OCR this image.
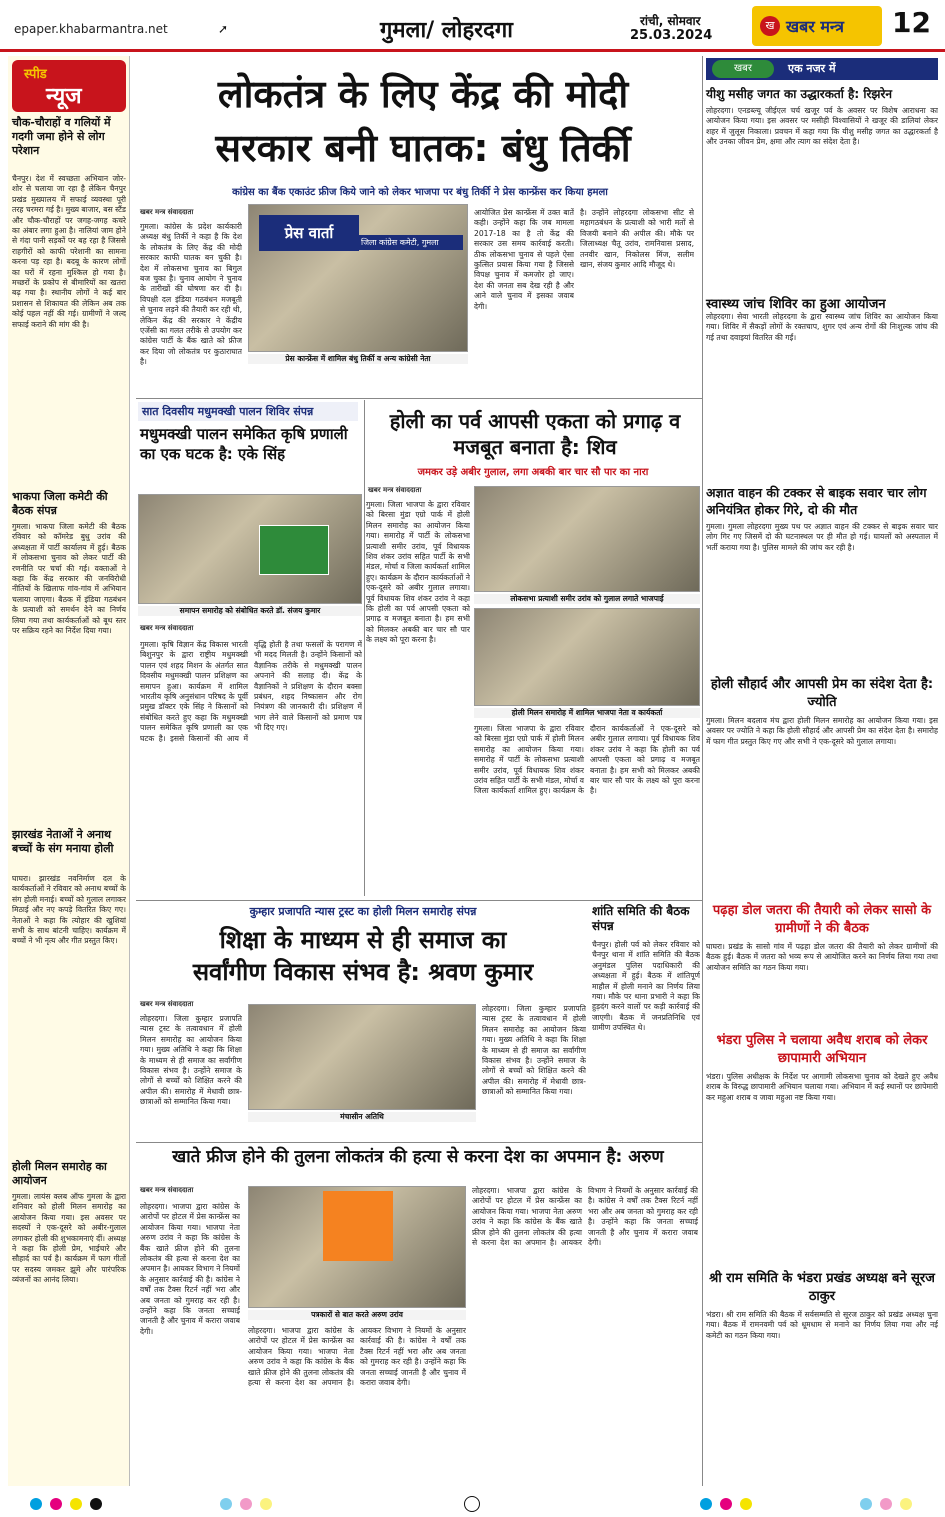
epaper.khabarmantra.net	➚	गुमला/ लोहरदगा	रांची, सोमवार
25.03.2024
ख खबर मन्त्र 12
स्पीड
न्यूज
चौक-चौराहों व गलियों में गदगी जमा होने से लोग परेशान
चैनपुर। देश में स्वच्छता अभियान जोर-शोर से चलाया जा रहा है लेकिन चैनपुर प्रखंड मुख्यालय में सफाई व्यवस्था पूरी तरह चरमरा गई है। मुख्य बाजार, बस स्टैंड और चौक-चौराहों पर जगह-जगह कचरे का अंबार लगा हुआ है। नालियां जाम होने से गंदा पानी सड़कों पर बह रहा है जिससे राहगीरों को काफी परेशानी का सामना करना पड़ रहा है। बदबू के कारण लोगों का घरों में रहना मुश्किल हो गया है। मच्छरों के प्रकोप से बीमारियों का खतरा बढ़ गया है। स्थानीय लोगों ने कई बार प्रशासन से शिकायत की लेकिन अब तक कोई पहल नहीं की गई। ग्रामीणों ने जल्द सफाई कराने की मांग की है।
भाकपा जिला कमेटी की बैठक संपन्न
गुमला। भाकपा जिला कमेटी की बैठक रविवार को कॉमरेड बुधु उरांव की अध्यक्षता में पार्टी कार्यालय में हुई। बैठक में लोकसभा चुनाव को लेकर पार्टी की रणनीति पर चर्चा की गई। वक्ताओं ने कहा कि केंद्र सरकार की जनविरोधी नीतियों के खिलाफ गांव-गांव में अभियान चलाया जाएगा। बैठक में इंडिया गठबंधन के प्रत्याशी को समर्थन देने का निर्णय लिया गया तथा कार्यकर्ताओं को बूथ स्तर पर सक्रिय रहने का निर्देश दिया गया।
झारखंड नेताओं ने अनाथ बच्चों के संग मनाया होली
घाघरा। झारखंड नवनिर्माण दल के कार्यकर्ताओं ने रविवार को अनाथ बच्चों के संग होली मनाई। बच्चों को गुलाल लगाकर मिठाई और नए कपड़े वितरित किए गए। नेताओं ने कहा कि त्योहार की खुशियां सभी के साथ बांटनी चाहिए। कार्यक्रम में बच्चों ने भी नृत्य और गीत प्रस्तुत किए।
होली मिलन समारोह का आयोजन
गुमला। लायंस क्लब ऑफ गुमला के द्वारा शनिवार को होली मिलन समारोह का आयोजन किया गया। इस अवसर पर सदस्यों ने एक-दूसरे को अबीर-गुलाल लगाकर होली की शुभकामनाएं दीं। अध्यक्ष ने कहा कि होली प्रेम, भाईचारे और सौहार्द का पर्व है। कार्यक्रम में फाग गीतों पर सदस्य जमकर झूमे और पारंपरिक व्यंजनों का आनंद लिया।
लोकतंत्र के लिए केंद्र की मोदी
सरकार बनी घातक: बंधु तिर्की
कांग्रेस का बैंक एकाउंट फ्रीज किये जाने को लेकर भाजपा पर बंधु तिर्की ने प्रेस कान्फ्रेंस कर किया हमला
खबर मन्त्र संवाददाता
गुमला। कांग्रेस के प्रदेश कार्यकारी अध्यक्ष बंधु तिर्की ने कहा है कि देश के लोकतंत्र के लिए केंद्र की मोदी सरकार काफी घातक बन चुकी है। देश में लोकसभा चुनाव का बिगुल बज चुका है। चुनाव आयोग ने चुनाव के तारीखों की घोषणा कर दी है। विपक्षी दल इंडिया गठबंधन मजबूती से चुनाव लड़ने की तैयारी कर रही थी, लेकिन केंद्र की सरकार ने केंद्रीय एजेंसी का गलत तरीके से उपयोग कर कांग्रेस पार्टी के बैंक खाते को फ्रीज कर दिया जो लोकतंत्र पर कुठाराघात है।
प्रेस वार्ता
जिला कांग्रेस कमेटी, गुमला
प्रेस कान्फ्रेंस में शामिल बंधु तिर्की व अन्य कांग्रेसी नेता
आयोजित प्रेस कान्फ्रेंस में उक्त बातें कही। उन्होंने कहा कि जब मामला 2017-18 का है तो केंद्र की सरकार उस समय कार्रवाई करती। ठीक लोकसभा चुनाव से पहले ऐसा कुत्सित प्रयास किया गया है जिससे विपक्ष चुनाव में कमजोर हो जाए। देश की जनता सब देख रही है और आने वाले चुनाव में इसका जवाब देगी।
है। उन्होंने लोहरदगा लोकसभा सीट से महागठबंधन के प्रत्याशी को भारी मतों से विजयी बनाने की अपील की। मौके पर जिलाध्यक्ष चैतू उरांव, रामनिवास प्रसाद, तनवीर खान, निकोलस मिंज, सलीम खान, संजय कुमार आदि मौजूद थे।
सात दिवसीय मधुमक्खी पालन शिविर संपन्न
मधुमक्खी पालन समेकित कृषि प्रणाली का एक घटक है: एके सिंह
समापन समारोह को संबोधित करते डॉ. संजय कुमार
खबर मन्त्र संवाददाता
गुमला। कृषि विज्ञान केंद्र विकास भारती बिशुनपुर के द्वारा राष्ट्रीय मधुमक्खी पालन एवं शहद मिशन के अंतर्गत सात दिवसीय मधुमक्खी पालन प्रशिक्षण का समापन हुआ। कार्यक्रम में शामिल भारतीय कृषि अनुसंधान परिषद के पूर्वी प्रमुख डॉक्टर एके सिंह ने किसानों को संबोधित करते हुए कहा कि मधुमक्खी पालन समेकित कृषि प्रणाली का एक घटक है। इससे किसानों की आय में वृद्धि होती है तथा फसलों के परागण में भी मदद मिलती है। उन्होंने किसानों को वैज्ञानिक तरीके से मधुमक्खी पालन अपनाने की सलाह दी। केंद्र के वैज्ञानिकों ने प्रशिक्षण के दौरान बक्सा प्रबंधन, शहद निष्कासन और रोग नियंत्रण की जानकारी दी। प्रशिक्षण में भाग लेने वाले किसानों को प्रमाण पत्र भी दिए गए।
होली का पर्व आपसी एकता को प्रगाढ़ व मजबूत बनाता है: शिव
जमकर उड़े अबीर गुलाल, लगा अबकी बार चार सौ पार का नारा
खबर मन्त्र संवाददाता
गुमला। जिला भाजपा के द्वारा रविवार को बिरसा मुंडा एग्रो पार्क में होली मिलन समारोह का आयोजन किया गया। समारोह में पार्टी के लोकसभा प्रत्याशी समीर उरांव, पूर्व विधायक शिव शंकर उरांव सहित पार्टी के सभी मंडल, मोर्चा व जिला कार्यकर्ता शामिल हुए। कार्यक्रम के दौरान कार्यकर्ताओं ने एक-दूसरे को अबीर गुलाल लगाया। पूर्व विधायक शिव शंकर उरांव ने कहा कि होली का पर्व आपसी एकता को प्रगाढ़ व मजबूत बनाता है। हम सभी को मिलकर अबकी बार चार सौ पार के लक्ष्य को पूरा करना है।
लोकसभा प्रत्याशी समीर उरांव को गुलाल लगाते भाजपाई
होली मिलन समारोह में शामिल भाजपा नेता व कार्यकर्ता
गुमला। जिला भाजपा के द्वारा रविवार को बिरसा मुंडा एग्रो पार्क में होली मिलन समारोह का आयोजन किया गया। समारोह में पार्टी के लोकसभा प्रत्याशी समीर उरांव, पूर्व विधायक शिव शंकर उरांव सहित पार्टी के सभी मंडल, मोर्चा व जिला कार्यकर्ता शामिल हुए। कार्यक्रम के दौरान कार्यकर्ताओं ने एक-दूसरे को अबीर गुलाल लगाया। पूर्व विधायक शिव शंकर उरांव ने कहा कि होली का पर्व आपसी एकता को प्रगाढ़ व मजबूत बनाता है। हम सभी को मिलकर अबकी बार चार सौ पार के लक्ष्य को पूरा करना है।
शांति समिति की बैठक संपन्न
चैनपुर। होली पर्व को लेकर रविवार को चैनपुर थाना में शांति समिति की बैठक अनुमंडल पुलिस पदाधिकारी की अध्यक्षता में हुई। बैठक में शांतिपूर्ण माहौल में होली मनाने का निर्णय लिया गया। मौके पर थाना प्रभारी ने कहा कि हुड़दंग करने वालों पर कड़ी कार्रवाई की जाएगी। बैठक में जनप्रतिनिधि एवं ग्रामीण उपस्थित थे।
कुम्हार प्रजापति न्यास ट्रस्ट का होली मिलन समारोह संपन्न
शिक्षा के माध्यम से ही समाज का
सर्वांगीण विकास संभव है: श्रवण कुमार
खबर मन्त्र संवाददाता
लोहरदगा। जिला कुम्हार प्रजापति न्यास ट्रस्ट के तत्वावधान में होली मिलन समारोह का आयोजन किया गया। मुख्य अतिथि ने कहा कि शिक्षा के माध्यम से ही समाज का सर्वांगीण विकास संभव है। उन्होंने समाज के लोगों से बच्चों को शिक्षित करने की अपील की। समारोह में मेधावी छात्र-छात्राओं को सम्मानित किया गया।
मंचासीन अतिथि
लोहरदगा। जिला कुम्हार प्रजापति न्यास ट्रस्ट के तत्वावधान में होली मिलन समारोह का आयोजन किया गया। मुख्य अतिथि ने कहा कि शिक्षा के माध्यम से ही समाज का सर्वांगीण विकास संभव है। उन्होंने समाज के लोगों से बच्चों को शिक्षित करने की अपील की। समारोह में मेधावी छात्र-छात्राओं को सम्मानित किया गया।
खाते फ्रीज होने की तुलना लोकतंत्र की हत्या से करना देश का अपमान है: अरुण
खबर मन्त्र संवाददाता
लोहरदगा। भाजपा द्वारा कांग्रेस के आरोपों पर होटल में प्रेस कान्फ्रेंस का आयोजन किया गया। भाजपा नेता अरुण उरांव ने कहा कि कांग्रेस के बैंक खाते फ्रीज होने की तुलना लोकतंत्र की हत्या से करना देश का अपमान है। आयकर विभाग ने नियमों के अनुसार कार्रवाई की है। कांग्रेस ने वर्षों तक टैक्स रिटर्न नहीं भरा और अब जनता को गुमराह कर रही है। उन्होंने कहा कि जनता सच्चाई जानती है और चुनाव में करारा जवाब देगी।
पत्रकारों से बात करते अरुण उरांव
लोहरदगा। भाजपा द्वारा कांग्रेस के आरोपों पर होटल में प्रेस कान्फ्रेंस का आयोजन किया गया। भाजपा नेता अरुण उरांव ने कहा कि कांग्रेस के बैंक खाते फ्रीज होने की तुलना लोकतंत्र की हत्या से करना देश का अपमान है। आयकर विभाग ने नियमों के अनुसार कार्रवाई की है। कांग्रेस ने वर्षों तक टैक्स रिटर्न नहीं भरा और अब जनता को गुमराह कर रही है। उन्होंने कहा कि जनता सच्चाई जानती है और चुनाव में करारा जवाब देगी।
लोहरदगा। भाजपा द्वारा कांग्रेस के आरोपों पर होटल में प्रेस कान्फ्रेंस का आयोजन किया गया। भाजपा नेता अरुण उरांव ने कहा कि कांग्रेस के बैंक खाते फ्रीज होने की तुलना लोकतंत्र की हत्या से करना देश का अपमान है। आयकर विभाग ने नियमों के अनुसार कार्रवाई की है। कांग्रेस ने वर्षों तक टैक्स रिटर्न नहीं भरा और अब जनता को गुमराह कर रही है। उन्होंने कहा कि जनता सच्चाई जानती है और चुनाव में करारा जवाब देगी।
खबर	एक नजर में
यीशु मसीह जगत का उद्धारकर्ता है: रिझरेन
लोहरदगा। एनडब्ल्यू जीईएल चर्च खजूर पर्व के अवसर पर विशेष आराधना का आयोजन किया गया। इस अवसर पर मसीही विश्वासियों ने खजूर की डालियां लेकर शहर में जुलूस निकाला। प्रवचन में कहा गया कि यीशु मसीह जगत का उद्धारकर्ता है और उनका जीवन प्रेम, क्षमा और त्याग का संदेश देता है।
स्वास्थ्य जांच शिविर का हुआ आयोजन
लोहरदगा। सेवा भारती लोहरदगा के द्वारा स्वास्थ्य जांच शिविर का आयोजन किया गया। शिविर में सैकड़ों लोगों के रक्तचाप, शुगर एवं अन्य रोगों की निःशुल्क जांच की गई तथा दवाइयां वितरित की गईं।
अज्ञात वाहन की टक्कर से बाइक सवार चार लोग अनियंत्रित होकर गिरे, दो की मौत
गुमला। गुमला लोहरदगा मुख्य पथ पर अज्ञात वाहन की टक्कर से बाइक सवार चार लोग गिर गए जिसमें दो की घटनास्थल पर ही मौत हो गई। घायलों को अस्पताल में भर्ती कराया गया है। पुलिस मामले की जांच कर रही है।
होली सौहार्द और आपसी प्रेम का संदेश देता है: ज्योति
गुमला। मिलन बदलाव मंच द्वारा होली मिलन समारोह का आयोजन किया गया। इस अवसर पर ज्योति ने कहा कि होली सौहार्द और आपसी प्रेम का संदेश देता है। समारोह में फाग गीत प्रस्तुत किए गए और सभी ने एक-दूसरे को गुलाल लगाया।
पढ़हा डोल जतरा की तैयारी को लेकर सासो के ग्रामीणों ने की बैठक
घाघरा। प्रखंड के सासो गांव में पढ़हा डोल जतरा की तैयारी को लेकर ग्रामीणों की बैठक हुई। बैठक में जतरा को भव्य रूप से आयोजित करने का निर्णय लिया गया तथा आयोजन समिति का गठन किया गया।
भंडरा पुलिस ने चलाया अवैध शराब को लेकर छापामारी अभियान
भंडरा। पुलिस अधीक्षक के निर्देश पर आगामी लोकसभा चुनाव को देखते हुए अवैध शराब के विरुद्ध छापामारी अभियान चलाया गया। अभियान में कई स्थानों पर छापेमारी कर महुआ शराब व जावा महुआ नष्ट किया गया।
श्री राम समिति के भंडरा प्रखंड अध्यक्ष बने सूरज ठाकुर
भंडरा। श्री राम समिति की बैठक में सर्वसम्मति से सूरज ठाकुर को प्रखंड अध्यक्ष चुना गया। बैठक में रामनवमी पर्व को धूमधाम से मनाने का निर्णय लिया गया और नई कमेटी का गठन किया गया।
